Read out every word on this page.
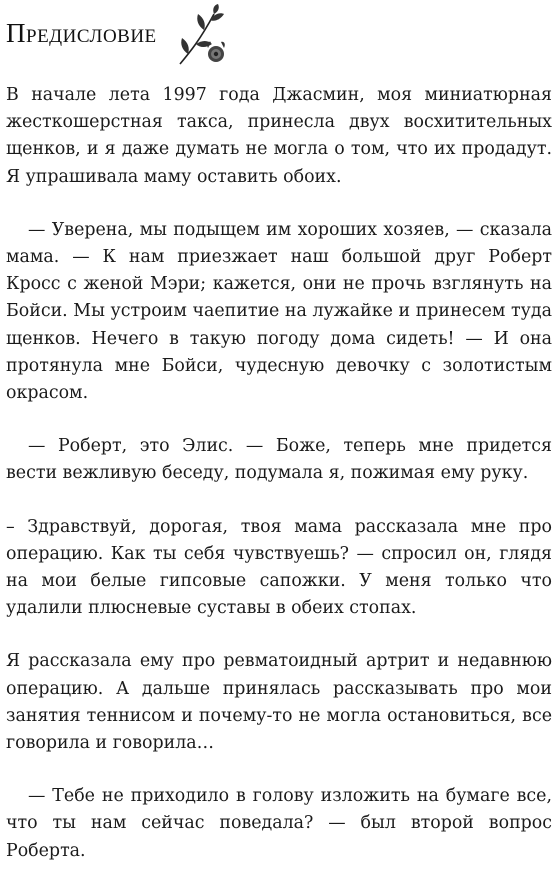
Предисловие

В начале лета 1997 года Джасмин, моя миниатюрная жесткошерстная такса, принесла двух восхитительных щенков, и я даже думать не могла о том, что их продадут. Я упрашивала маму оставить обоих.

— Уверена, мы подыщем им хороших хозяев, — сказала мама. — К нам приезжает наш большой друг Роберт Кросс с женой Мэри; кажется, они не прочь взглянуть на Бойси. Мы устроим чаепитие на лужайке и принесем туда щенков. Нечего в такую погоду дома сидеть! — И она протянула мне Бойси, чудесную девочку с золотистым окрасом.

— Роберт, это Элис. — Боже, теперь мне придется вести вежливую беседу, подумала я, пожимая ему руку.

– Здравствуй, дорогая, твоя мама рассказала мне про операцию. Как ты себя чувствуешь? — спросил он, глядя на мои белые гипсовые сапожки. У меня только что удалили плюсневые суставы в обеих стопах.

Я рассказала ему про ревматоидный артрит и недавнюю операцию. А дальше принялась рассказывать про мои занятия теннисом и почему-то не могла остановиться, все говорила и говорила…

— Тебе не приходило в голову изложить на бумаге все, что ты нам сейчас поведала? — был второй вопрос Роберта.
